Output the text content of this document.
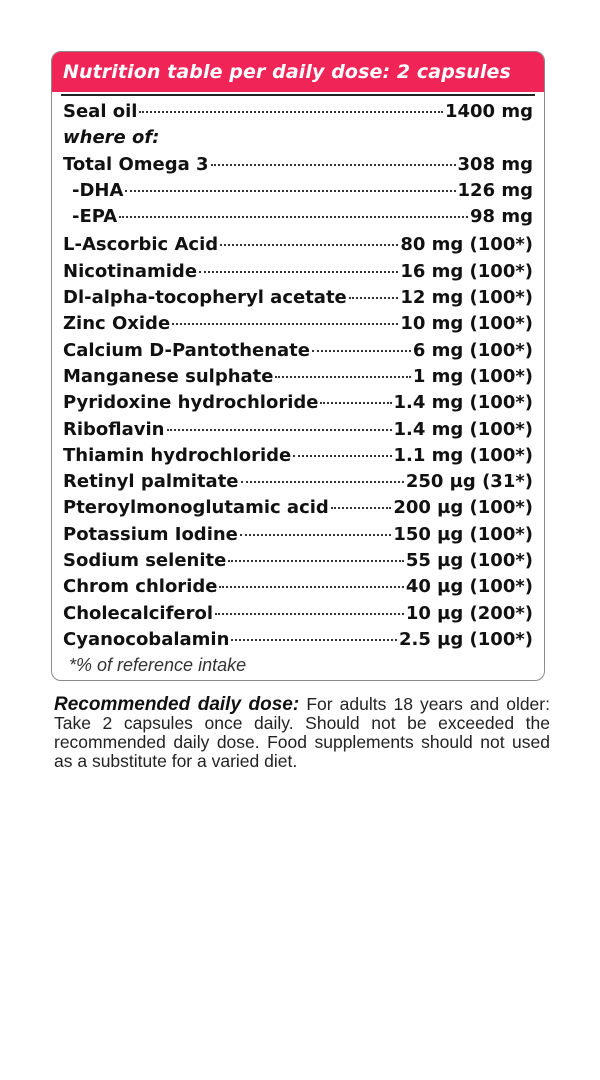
Nutrition table per daily dose: 2 capsules
Seal oil	1400 mg
where of:
Total Omega 3	308 mg
-DHA	126 mg
-EPA	98 mg
L-Ascorbic Acid	80 mg (100*)
Nicotinamide	16 mg (100*)
Dl-alpha-tocopheryl acetate	12 mg (100*)
Zinc Oxide	10 mg (100*)
Calcium D-Pantothenate	6 mg (100*)
Manganese sulphate	1 mg (100*)
Pyridoxine hydrochloride	1.4 mg (100*)
Riboflavin	1.4 mg (100*)
Thiamin hydrochloride	1.1 mg (100*)
Retinyl palmitate	250 µg (31*)
Pteroylmonoglutamic acid	200 µg (100*)
Potassium Iodine	150 µg (100*)
Sodium selenite	55 µg (100*)
Chrom chloride	40 µg (100*)
Cholecalciferol	10 µg (200*)
Cyanocobalamin	2.5 µg (100*)
*% of reference intake
Recommended daily dose: For adults 18 years and older: Take 2 capsules once daily. Should not be exceeded the recommended daily dose. Food supplements should not used as a substitute for a varied diet.
